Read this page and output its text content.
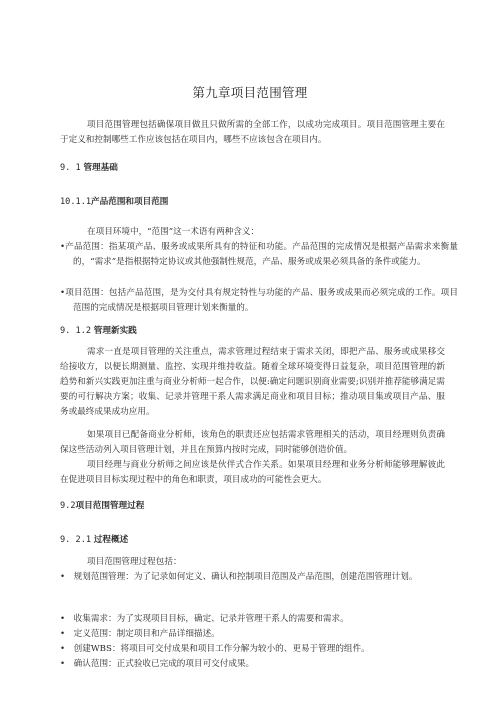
第九章项目范围管理

项目范围管理包括确保项目做且只做所需的全部工作，以成功完成项目。项目范围管理主要在于定义和控制哪些工作应该包括在项目内，哪些不应该包含在项目内。

9. 1 管理基础

10.1.1产品范围和项目范围

在项目环境中，“范围”这一术语有两种含义：

•产品范围：指某项产品、服务或成果所具有的特征和功能。产品范围的完成情况是根据产品需求来衡量的，“需求”是指根据特定协议或其他强制性规范，产品、服务或成果必须具备的条件或能力。

•项目范围：包括产品范围，是为交付具有规定特性与功能的产品、服务或成果而必须完成的工作。项目范围的完成情况是根据项目管理计划来衡量的。

9. 1.2 管理新实践

需求一直是项目管理的关注重点，需求管理过程结束于需求关闭，即把产品、服务或成果移交给接收方，以便长期测量、监控、实现并维持收益。随着全球环境变得日益复杂，项目范围管理的新趋势和新兴实践更加注重与商业分析师一起合作，以便:确定问题识别商业需要;识别并推荐能够满足需要的可行解决方案；收集、记录并管理干系人需求满足商业和项目目标；推动项目集或项目产品、服务或最终成果成功应用。

如果项目已配备商业分析师，该角色的职责还应包括需求管理相关的活动，项目经理则负责确保这些活动列入项目管理计划，并且在预算内按时完成，同时能够创造价值。

项目经理与商业分析师之间应该是伙伴式合作关系。如果项目经理和业务分析师能够理解彼此在促进项目目标实现过程中的角色和职责，项目成功的可能性会更大。

9.2项目范围管理过程

9. 2.1 过程概述

项目范围管理过程包括：

•　规划范围管理：为了记录如何定义、确认和控制项目范围及产品范围，创建范围管理计划。

•　收集需求：为了实现项目目标，确定、记录并管理干系人的需要和需求。

•　定义范围：制定项目和产品详细描述。

•　创建WBS：将项目可交付成果和项目工作分解为较小的、更易于管理的组件。

•　确认范围：正式验收已完成的项目可交付成果。
